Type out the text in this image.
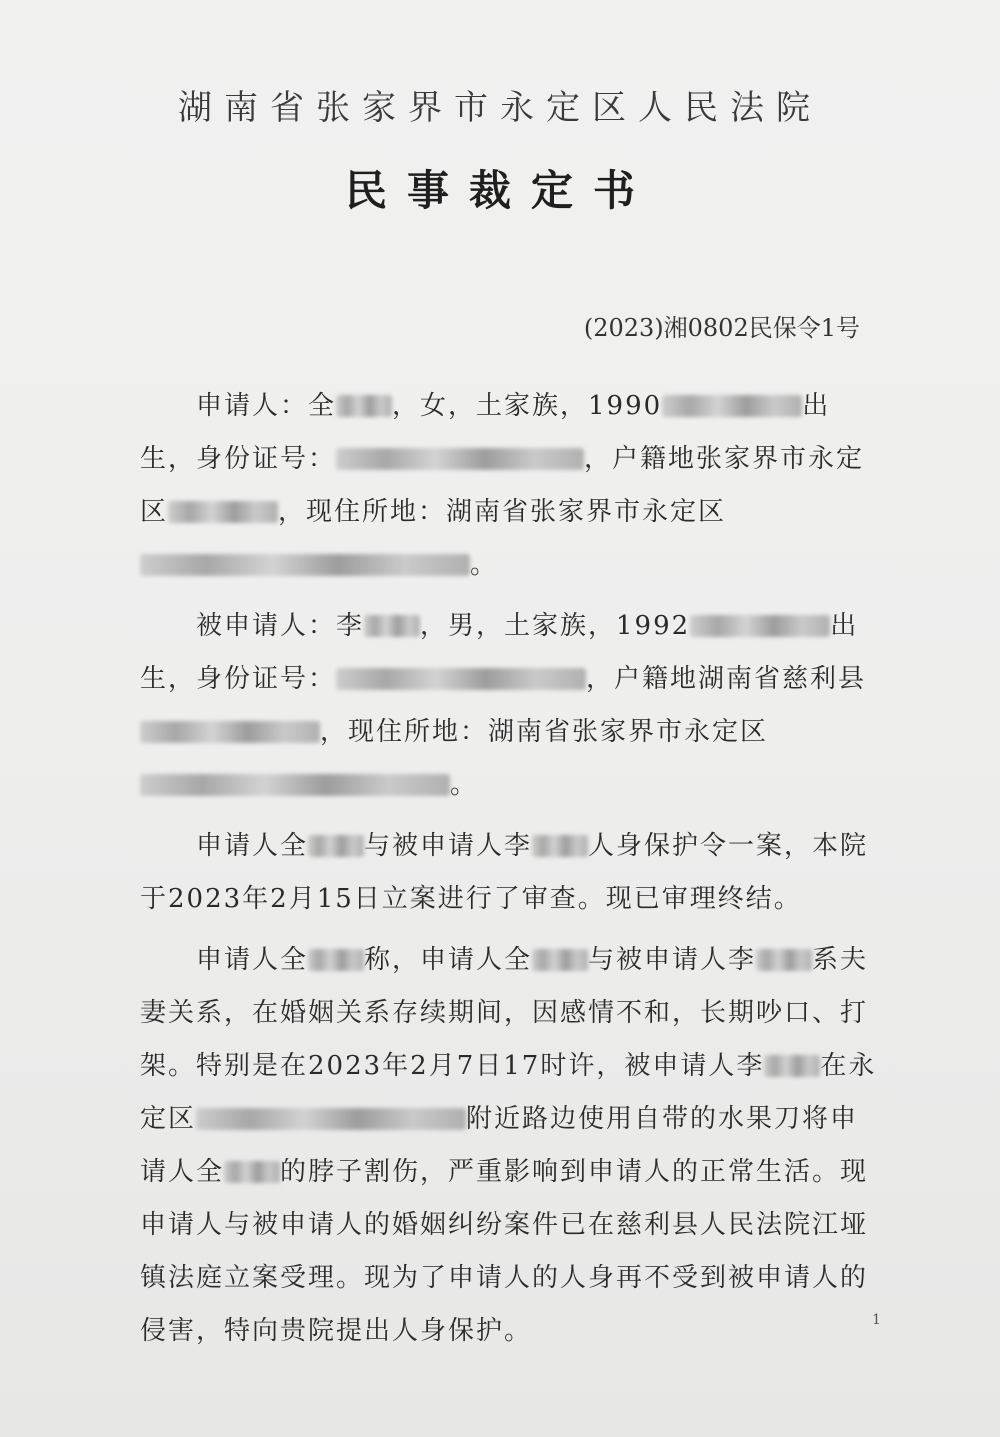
湖南省张家界市永定区人民法院
民事裁定书
(2023)湘0802民保令1号
申请人：全 ，女，土家族，1990	出生，身份证号：	，户籍地张家界市永定区	，现住所地：湖南省张家界市永定区。
被申请人：李 ，男，土家族，1992	出生，身份证号：	，户籍地湖南省慈利县，现住所地：湖南省张家界市永定区。
申请人全 与被申请人李 人身保护令一案，本院于2023年2月15日立案进行了审查。现已审理终结。
申请人全 称，申请人全 与被申请人李 系夫妻关系，在婚姻关系存续期间，因感情不和，长期吵口、打架。特别是在2023年2月7日17时许，被申请人李 在永定区	附近路边使用自带的水果刀将申请人全 的脖子割伤，严重影响到申请人的正常生活。现申请人与被申请人的婚姻纠纷案件已在慈利县人民法院江垭镇法庭立案受理。现为了申请人的人身再不受到被申请人的侵害，特向贵院提出人身保护。	1
